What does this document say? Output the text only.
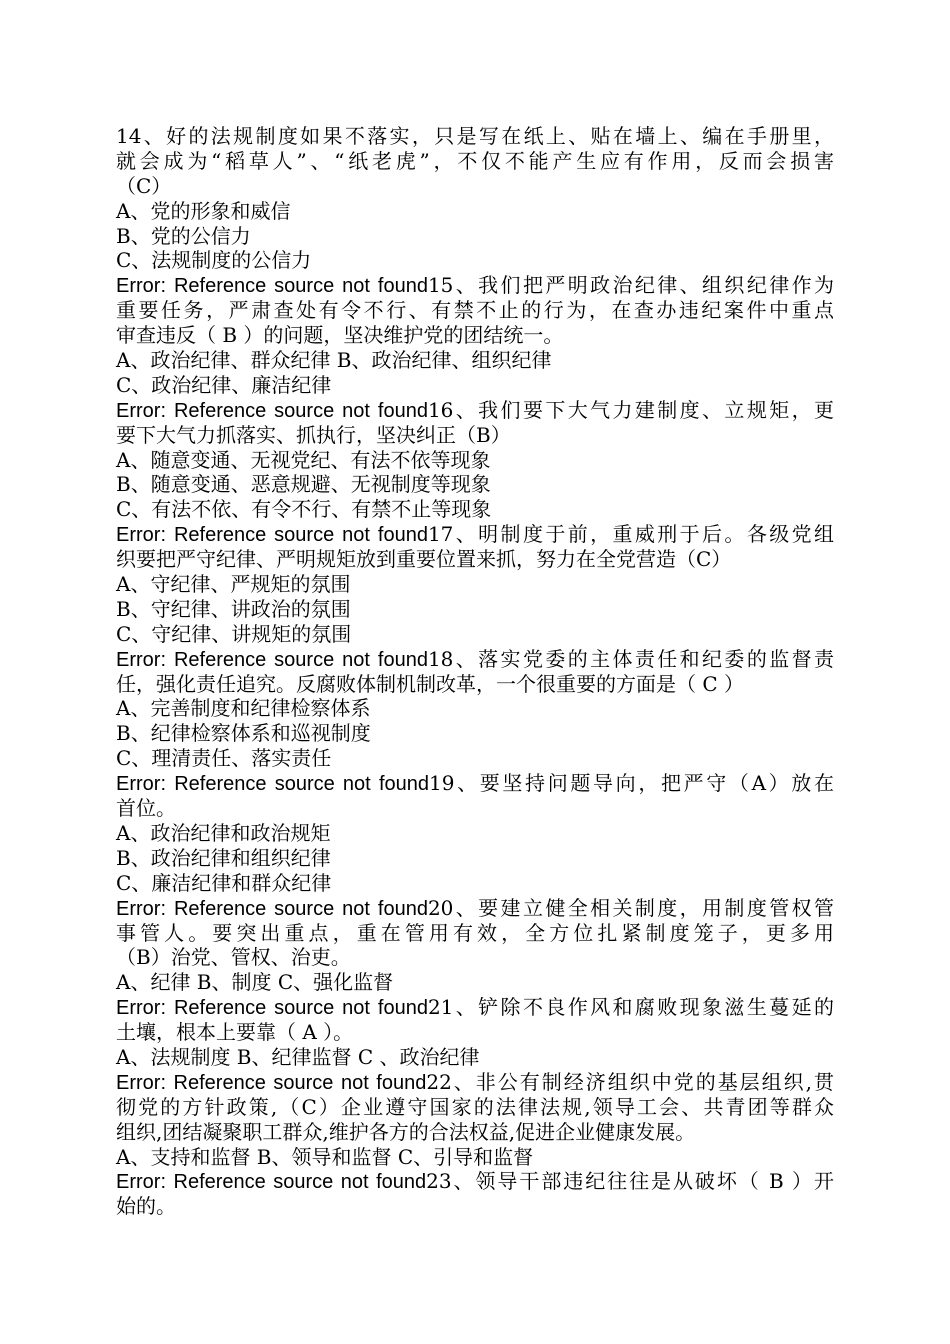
14、好的法规制度如果不落实，只是写在纸上、贴在墙上、编在手册里，
就会成为“稻草人”、“纸老虎”，不仅不能产生应有作用，反而会损害
（C）
A、党的形象和威信
B、党的公信力
C、法规制度的公信力
Error: Reference source not found15、我们把严明政治纪律、组织纪律作为
重要任务，严肃查处有令不行、有禁不止的行为，在查办违纪案件中重点
审查违反（ B ）的问题，坚决维护党的团结统一。
A、政治纪律、群众纪律 B、政治纪律、组织纪律
C、政治纪律、廉洁纪律
Error: Reference source not found16、我们要下大气力建制度、立规矩，更
要下大气力抓落实、抓执行，坚决纠正（B）
A、随意变通、无视党纪、有法不依等现象
B、随意变通、恶意规避、无视制度等现象
C、有法不依、有令不行、有禁不止等现象
Error: Reference source not found17、明制度于前，重威刑于后。各级党组
织要把严守纪律、严明规矩放到重要位置来抓，努力在全党营造（C）
A、守纪律、严规矩的氛围
B、守纪律、讲政治的氛围
C、守纪律、讲规矩的氛围
Error: Reference source not found18、落实党委的主体责任和纪委的监督责
任，强化责任追究。反腐败体制机制改革，一个很重要的方面是（ C ）
A、完善制度和纪律检察体系
B、纪律检察体系和巡视制度
C、理清责任、落实责任
Error: Reference source not found19、要坚持问题导向，把严守（A）放在
首位。
A、政治纪律和政治规矩
B、政治纪律和组织纪律
C、廉洁纪律和群众纪律
Error: Reference source not found20、要建立健全相关制度，用制度管权管
事管人。要突出重点，重在管用有效，全方位扎紧制度笼子，更多用
（B）治党、管权、治吏。
A、纪律 B、制度 C、强化监督
Error: Reference source not found21、铲除不良作风和腐败现象滋生蔓延的
土壤，根本上要靠（ A ）。
A、法规制度 B、纪律监督 C 、政治纪律
Error: Reference source not found22、非公有制经济组织中党的基层组织,贯
彻党的方针政策,（C）企业遵守国家的法律法规,领导工会、共青团等群众
组织,团结凝聚职工群众,维护各方的合法权益,促进企业健康发展。
A、支持和监督 B、领导和监督 C、引导和监督
Error: Reference source not found23、领导干部违纪往往是从破坏（ B ）开
始的。
